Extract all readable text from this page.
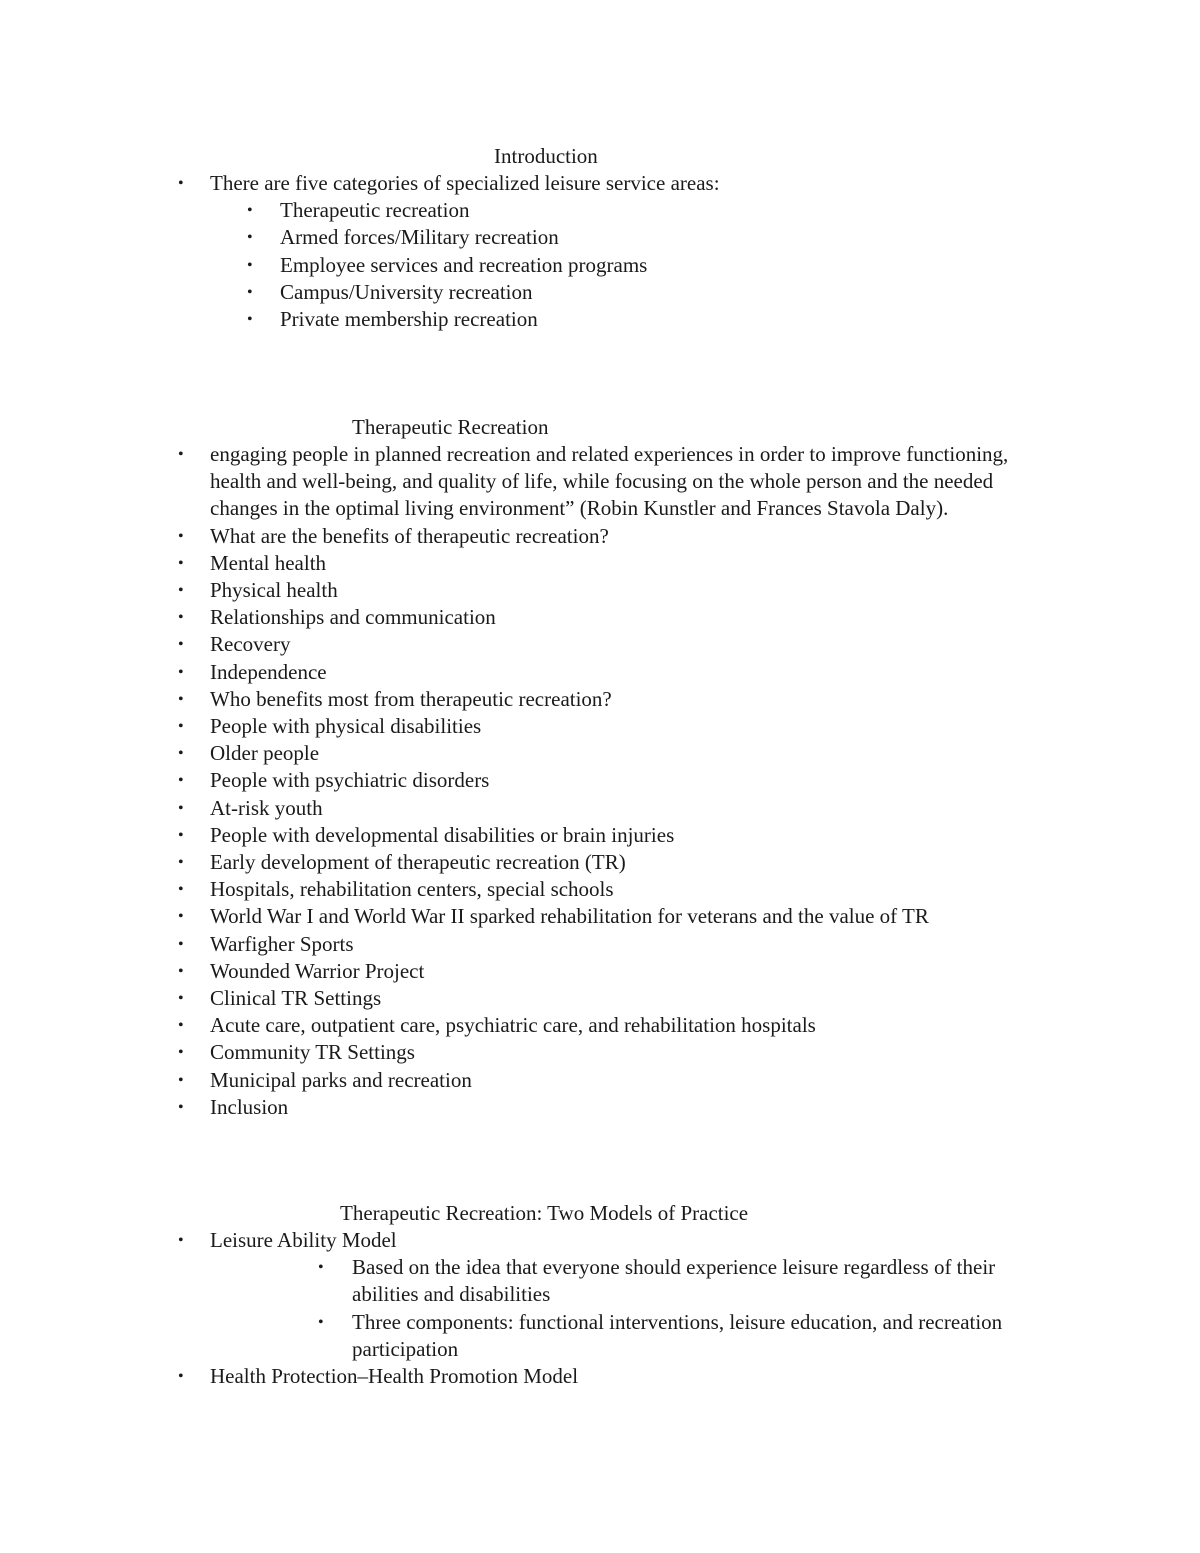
Introduction
• There are five categories of specialized leisure service areas:
• Therapeutic recreation
• Armed forces/Military recreation
• Employee services and recreation programs
• Campus/University recreation
• Private membership recreation
Therapeutic Recreation
• engaging people in planned recreation and related experiences in order to improve functioning, health and well-being, and quality of life, while focusing on the whole person and the needed changes in the optimal living environment” (Robin Kunstler and Frances Stavola Daly).
• What are the benefits of therapeutic recreation?
• Mental health
• Physical health
• Relationships and communication
• Recovery
• Independence
• Who benefits most from therapeutic recreation?
• People with physical disabilities
• Older people
• People with psychiatric disorders
• At-risk youth
• People with developmental disabilities or brain injuries
• Early development of therapeutic recreation (TR)
• Hospitals, rehabilitation centers, special schools
• World War I and World War II sparked rehabilitation for veterans and the value of TR
• Warfigher Sports
• Wounded Warrior Project
• Clinical TR Settings
• Acute care, outpatient care, psychiatric care, and rehabilitation hospitals
• Community TR Settings
• Municipal parks and recreation
• Inclusion
Therapeutic Recreation: Two Models of Practice
• Leisure Ability Model
• Based on the idea that everyone should experience leisure regardless of their abilities and disabilities
• Three components: functional interventions, leisure education, and recreation participation
• Health Protection–Health Promotion Model
